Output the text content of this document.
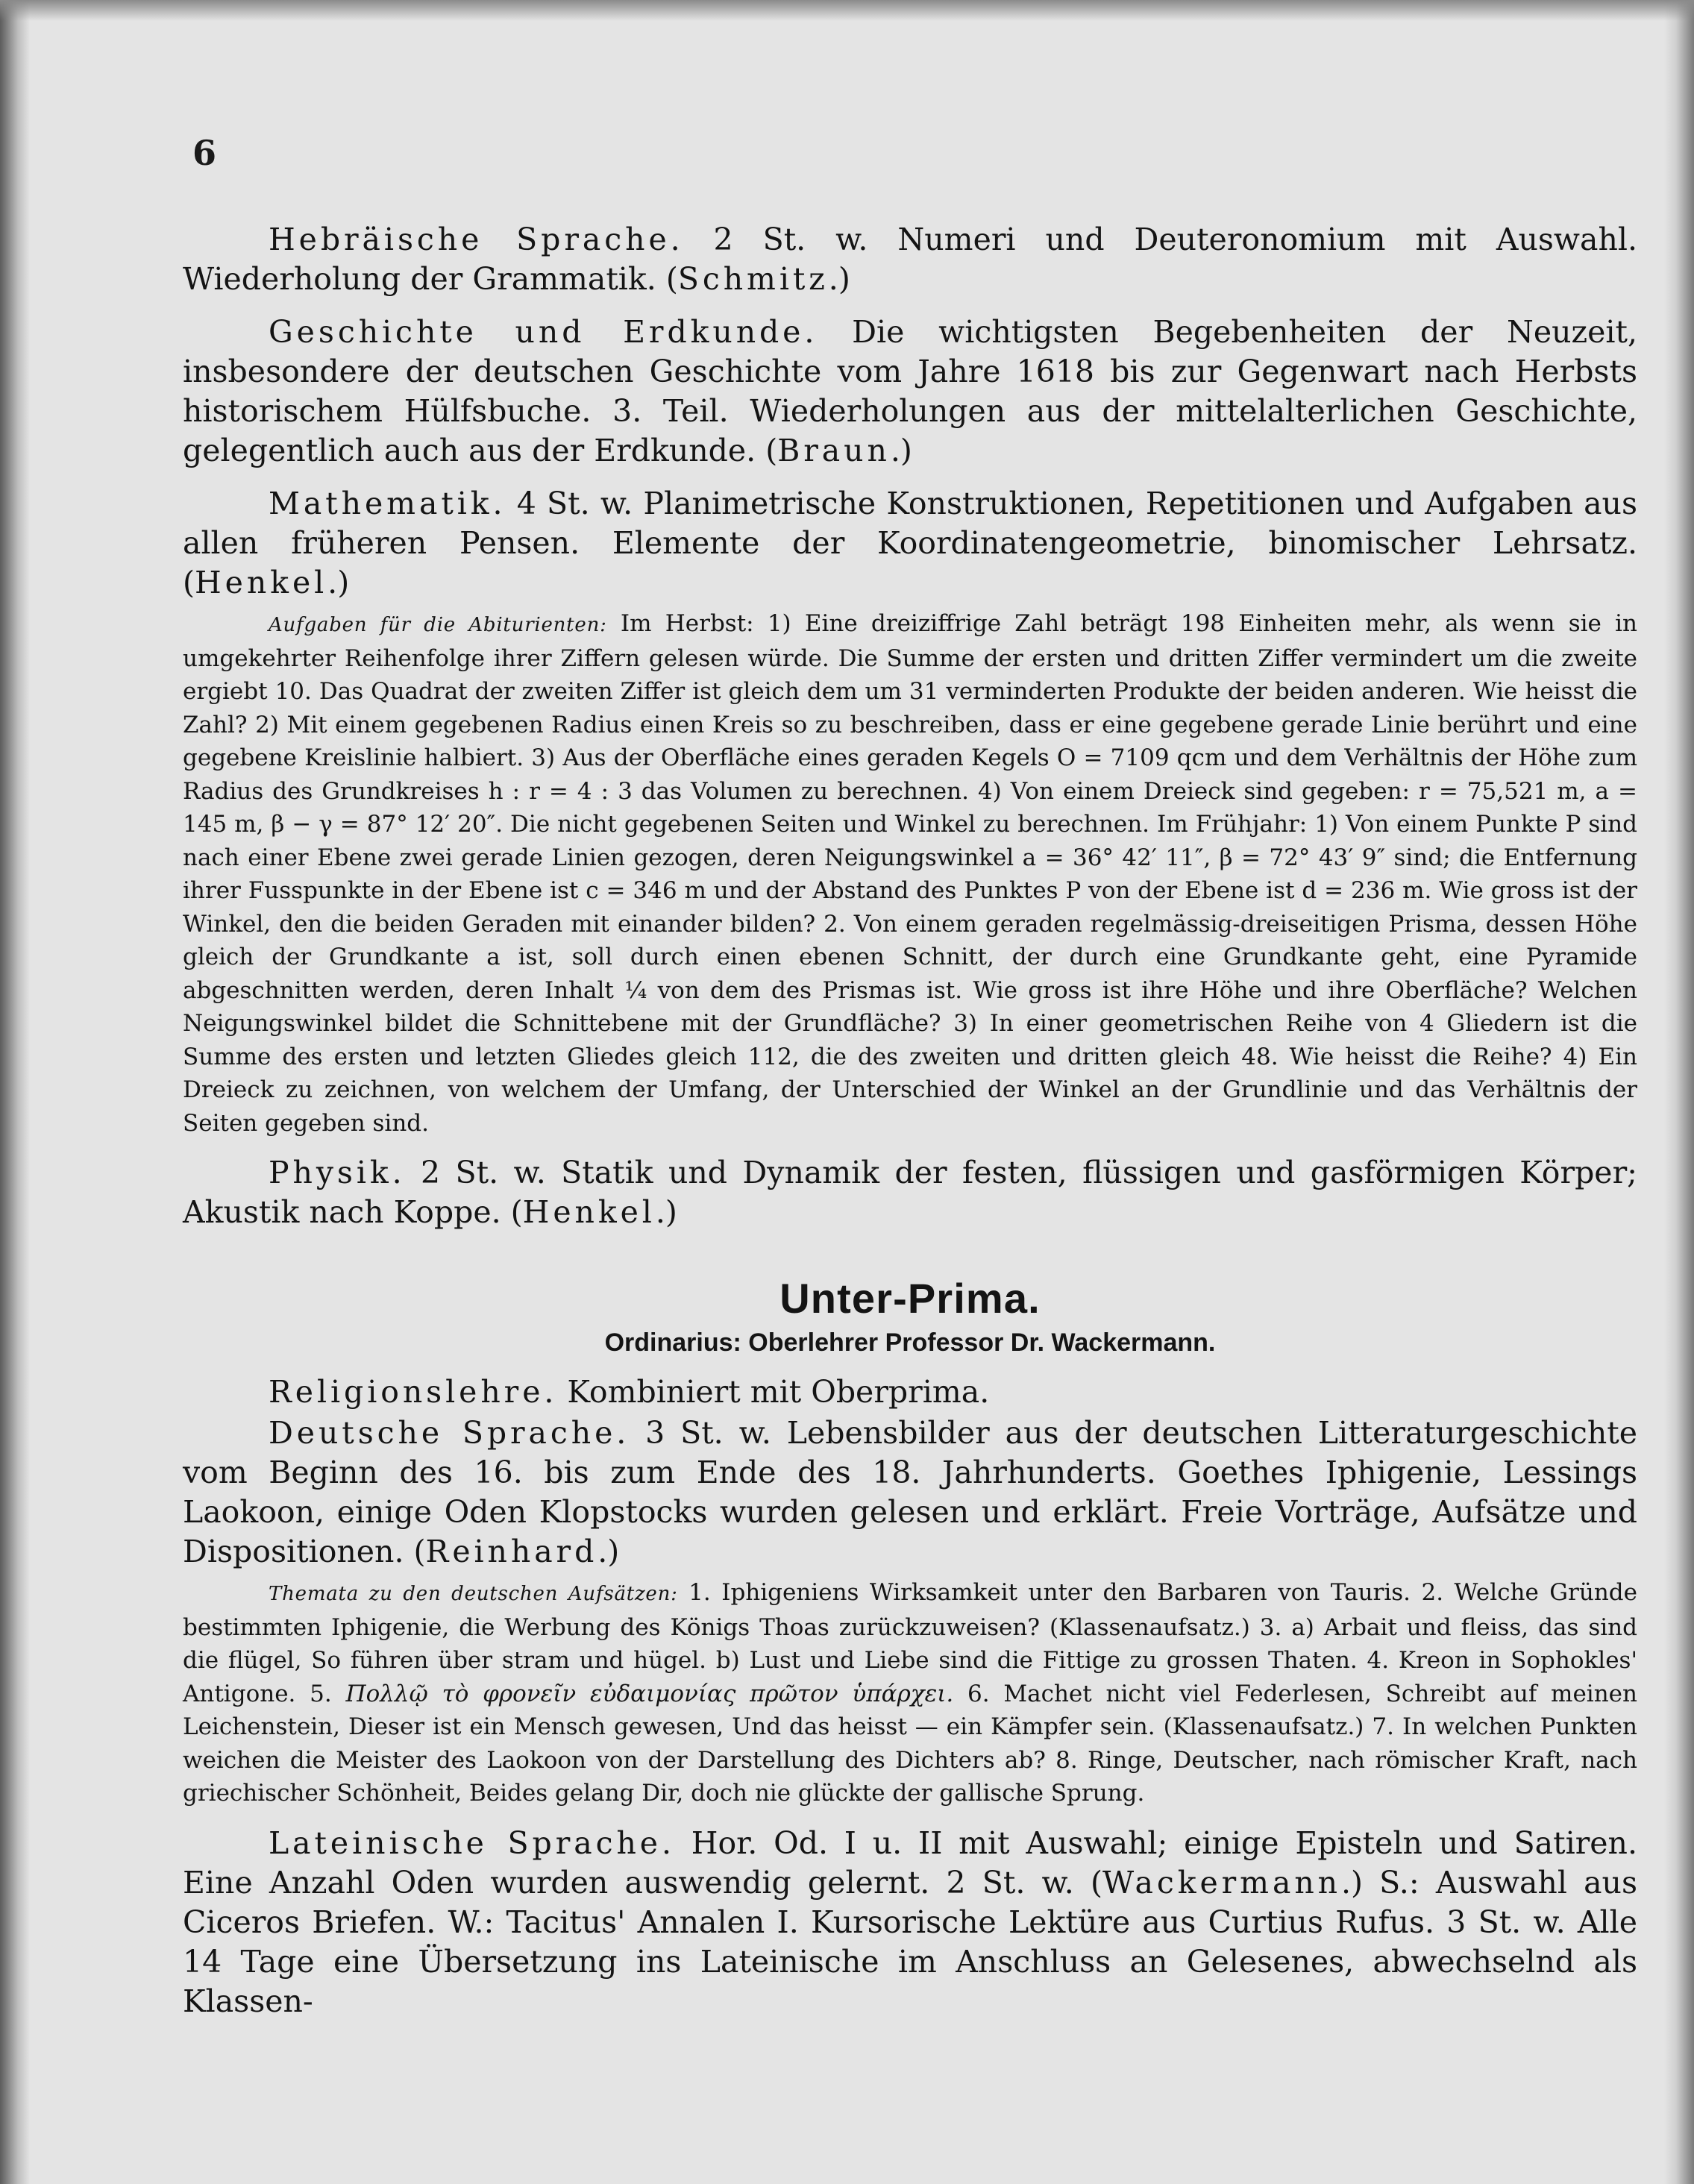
6

Hebräische Sprache. 2 St. w. Numeri und Deuteronomium mit Auswahl. Wiederholung der Grammatik. (Schmitz.)

Geschichte und Erdkunde. Die wichtigsten Begebenheiten der Neuzeit, insbesondere der deutschen Geschichte vom Jahre 1618 bis zur Gegenwart nach Herbsts historischem Hülfsbuche. 3. Teil. Wiederholungen aus der mittelalterlichen Geschichte, gelegentlich auch aus der Erdkunde. (Braun.)

Mathematik. 4 St. w. Planimetrische Konstruktionen, Repetitionen und Aufgaben aus allen früheren Pensen. Elemente der Koordinatengeometrie, binomischer Lehrsatz. (Henkel.)

Aufgaben für die Abiturienten: Im Herbst: 1) Eine dreiziffrige Zahl beträgt 198 Einheiten mehr, als wenn sie in umgekehrter Reihenfolge ihrer Ziffern gelesen würde. Die Summe der ersten und dritten Ziffer vermindert um die zweite ergiebt 10. Das Quadrat der zweiten Ziffer ist gleich dem um 31 verminderten Produkte der beiden anderen. Wie heisst die Zahl? 2) Mit einem gegebenen Radius einen Kreis so zu beschreiben, dass er eine gegebene gerade Linie berührt und eine gegebene Kreislinie halbiert. 3) Aus der Oberfläche eines geraden Kegels O = 7109 qcm und dem Verhältnis der Höhe zum Radius des Grundkreises h : r = 4 : 3 das Volumen zu berechnen. 4) Von einem Dreieck sind gegeben: r = 75,521 m, a = 145 m, β − γ = 87° 12′ 20″. Die nicht gegebenen Seiten und Winkel zu berechnen. Im Frühjahr: 1) Von einem Punkte P sind nach einer Ebene zwei gerade Linien gezogen, deren Neigungswinkel a = 36° 42′ 11″, β = 72° 43′ 9″ sind; die Entfernung ihrer Fusspunkte in der Ebene ist c = 346 m und der Abstand des Punktes P von der Ebene ist d = 236 m. Wie gross ist der Winkel, den die beiden Geraden mit einander bilden? 2. Von einem geraden regelmässig-dreiseitigen Prisma, dessen Höhe gleich der Grundkante a ist, soll durch einen ebenen Schnitt, der durch eine Grundkante geht, eine Pyramide abgeschnitten werden, deren Inhalt ¼ von dem des Prismas ist. Wie gross ist ihre Höhe und ihre Oberfläche? Welchen Neigungswinkel bildet die Schnittebene mit der Grundfläche? 3) In einer geometrischen Reihe von 4 Gliedern ist die Summe des ersten und letzten Gliedes gleich 112, die des zweiten und dritten gleich 48. Wie heisst die Reihe? 4) Ein Dreieck zu zeichnen, von welchem der Umfang, der Unterschied der Winkel an der Grundlinie und das Verhältnis der Seiten gegeben sind.

Physik. 2 St. w. Statik und Dynamik der festen, flüssigen und gasförmigen Körper; Akustik nach Koppe. (Henkel.)

Unter-Prima.
Ordinarius: Oberlehrer Professor Dr. Wackermann.

Religionslehre. Kombiniert mit Oberprima.

Deutsche Sprache. 3 St. w. Lebensbilder aus der deutschen Litteraturgeschichte vom Beginn des 16. bis zum Ende des 18. Jahrhunderts. Goethes Iphigenie, Lessings Laokoon, einige Oden Klopstocks wurden gelesen und erklärt. Freie Vorträge, Aufsätze und Dispositionen. (Reinhard.)

Themata zu den deutschen Aufsätzen: 1. Iphigeniens Wirksamkeit unter den Barbaren von Tauris. 2. Welche Gründe bestimmten Iphigenie, die Werbung des Königs Thoas zurückzuweisen? (Klassenaufsatz.) 3. a) Arbait und fleiss, das sind die flügel, So führen über stram und hügel. b) Lust und Liebe sind die Fittige zu grossen Thaten. 4. Kreon in Sophokles' Antigone. 5. Πολλῷ τὸ φρονεῖν εὐδαιμονίας πρῶτον ὑπάρχει. 6. Machet nicht viel Federlesen, Schreibt auf meinen Leichenstein, Dieser ist ein Mensch gewesen, Und das heisst — ein Kämpfer sein. (Klassenaufsatz.) 7. In welchen Punkten weichen die Meister des Laokoon von der Darstellung des Dichters ab? 8. Ringe, Deutscher, nach römischer Kraft, nach griechischer Schönheit, Beides gelang Dir, doch nie glückte der gallische Sprung.

Lateinische Sprache. Hor. Od. I u. II mit Auswahl; einige Episteln und Satiren. Eine Anzahl Oden wurden auswendig gelernt. 2 St. w. (Wackermann.) S.: Auswahl aus Ciceros Briefen. W.: Tacitus' Annalen I. Kursorische Lektüre aus Curtius Rufus. 3 St. w. Alle 14 Tage eine Übersetzung ins Lateinische im Anschluss an Gelesenes, abwechselnd als Klassen-
